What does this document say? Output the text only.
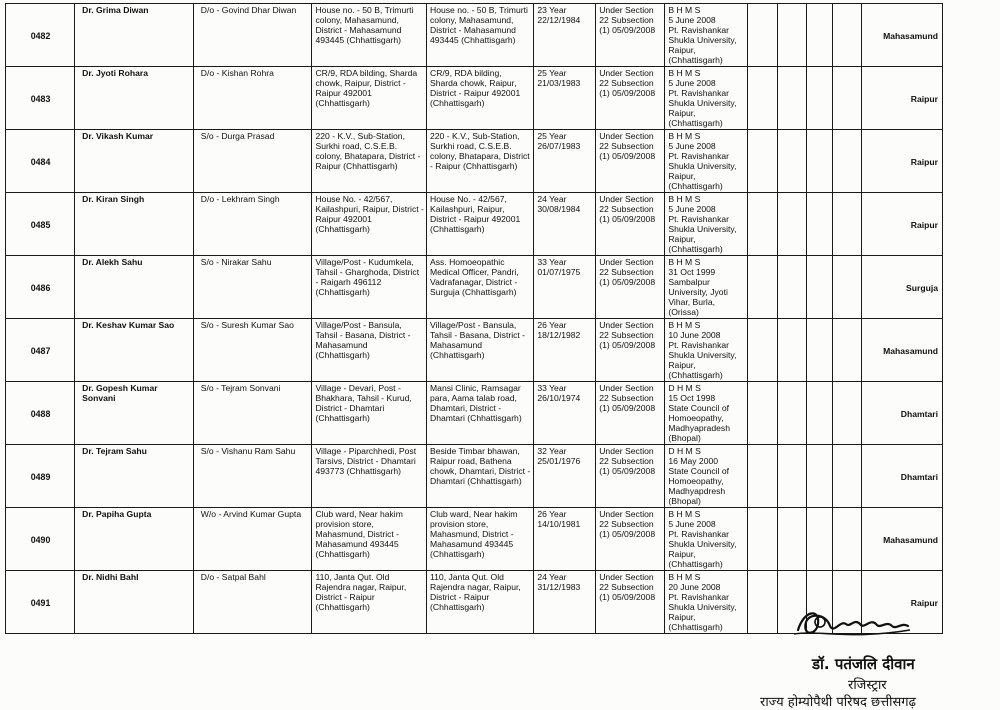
0482	Dr. Grima Diwan	D/o - Govind Dhar Diwan	House no. - 50 B, Trimurti colony, Mahasamund, District - Mahasamund 493445 (Chhattisgarh)	House no. - 50 B, Trimurti colony, Mahasamund, District - Mahasamund 493445 (Chhattisgarh)	23 Year
22/12/1984	Under Section 22 Subsection (1) 05/09/2008	B H M S
5 June 2008
Pt. Ravishankar Shukla University, Raipur, (Chhattisgarh)					Mahasamund
0483	Dr. Jyoti Rohara	D/o - Kishan Rohra	CR/9, RDA bilding, Sharda chowk, Raipur, District - Raipur 492001 (Chhattisgarh)	CR/9, RDA bilding, Sharda chowk, Raipur, District - Raipur 492001 (Chhattisgarh)	25 Year
21/03/1983	Under Section 22 Subsection (1) 05/09/2008	B H M S
5 June 2008
Pt. Ravishankar Shukla University, Raipur, (Chhattisgarh)					Raipur
0484	Dr. Vikash Kumar	S/o - Durga Prasad	220 - K.V., Sub-Station, Surkhi road, C.S.E.B. colony, Bhatapara, District - Raipur (Chhattisgarh)	220 - K.V., Sub-Station, Surkhi road, C.S.E.B. colony, Bhatapara, District - Raipur (Chhattisgarh)	25 Year
26/07/1983	Under Section 22 Subsection (1) 05/09/2008	B H M S
5 June 2008
Pt. Ravishankar Shukla University, Raipur, (Chhattisgarh)					Raipur
0485	Dr. Kiran Singh	D/o - Lekhram Singh	House No. - 42/567, Kailashpuri, Raipur, District - Raipur 492001 (Chhattisgarh)	House No. - 42/567, Kailashpuri, Raipur, District - Raipur 492001 (Chhattisgarh)	24 Year
30/08/1984	Under Section 22 Subsection (1) 05/09/2008	B H M S
5 June 2008
Pt. Ravishankar Shukla University, Raipur, (Chhattisgarh)					Raipur
0486	Dr. Alekh Sahu	S/o - Nirakar Sahu	Village/Post - Kudumkela, Tahsil - Gharghoda, District - Raigarh 496112 (Chhattisgarh)	Ass. Homoeopathic Medical Officer, Pandri, Vadrafanagar, District - Surguja (Chhattisgarh)	33 Year
01/07/1975	Under Section 22 Subsection (1) 05/09/2008	B H M S
31 Oct 1999
Sambalpur University, Jyoti Vihar, Burla, (Orissa)					Surguja
0487	Dr. Keshav Kumar Sao	S/o - Suresh Kumar Sao	Village/Post - Bansula, Tahsil - Basana, District - Mahasamund (Chhattisgarh)	Village/Post - Bansula, Tahsil - Basana, District - Mahasamund (Chhattisgarh)	26 Year
18/12/1982	Under Section 22 Subsection (1) 05/09/2008	B H M S
10 June 2008
Pt. Ravishankar Shukla University, Raipur, (Chhattisgarh)					Mahasamund
0488	Dr. Gopesh Kumar Sonvani	S/o - Tejram Sonvani	Village - Devari, Post - Bhakhara, Tahsil - Kurud, District - Dhamtari (Chhattisgarh)	Mansi Clinic, Ramsagar para, Aama talab road, Dhamtari, District - Dhamtari (Chhattisgarh)	33 Year
26/10/1974	Under Section 22 Subsection (1) 05/09/2008	D H M S
15 Oct 1998
State Council of Homoeopathy, Madhyapradesh (Bhopal)					Dhamtari
0489	Dr. Tejram Sahu	S/o - Vishanu Ram Sahu	Village - Piparchhedi, Post Tarsivs, District - Dhamtari 493773 (Chhattisgarh)	Beside Timbar bhawan, Raipur road, Bathena chowk, Dhamtari, District - Dhamtari (Chhattisgarh)	32 Year
25/01/1976	Under Section 22 Subsection (1) 05/09/2008	D H M S
16 May 2000
State Council of Homoeopathy, Madhyapdresh (Bhopal)					Dhamtari
0490	Dr. Papiha Gupta	W/o - Arvind Kumar Gupta	Club ward, Near hakim provision store, Mahasmund, District - Mahasamund 493445 (Chhattisgarh)	Club ward, Near hakim provision store, Mahasmund, District - Mahasamund 493445 (Chhattisgarh)	26 Year
14/10/1981	Under Section 22 Subsection (1) 05/09/2008	B H M S
5 June 2008
Pt. Ravishankar Shukla University, Raipur, (Chhattisgarh)					Mahasamund
0491	Dr. Nidhi Bahl	D/o - Satpal Bahl	110, Janta Qut. Old Rajendra nagar, Raipur, District - Raipur (Chhattisgarh)	110, Janta Qut. Old Rajendra nagar, Raipur, District - Raipur (Chhattisgarh)	24 Year
31/12/1983	Under Section 22 Subsection (1) 05/09/2008	B H M S
20 June 2008
Pt. Ravishankar Shukla University, Raipur, (Chhattisgarh)					Raipur
डॉ. पतंजलि दीवान
रजिस्ट्रार
राज्य होम्योपैथी परिषद छत्तीसगढ़
